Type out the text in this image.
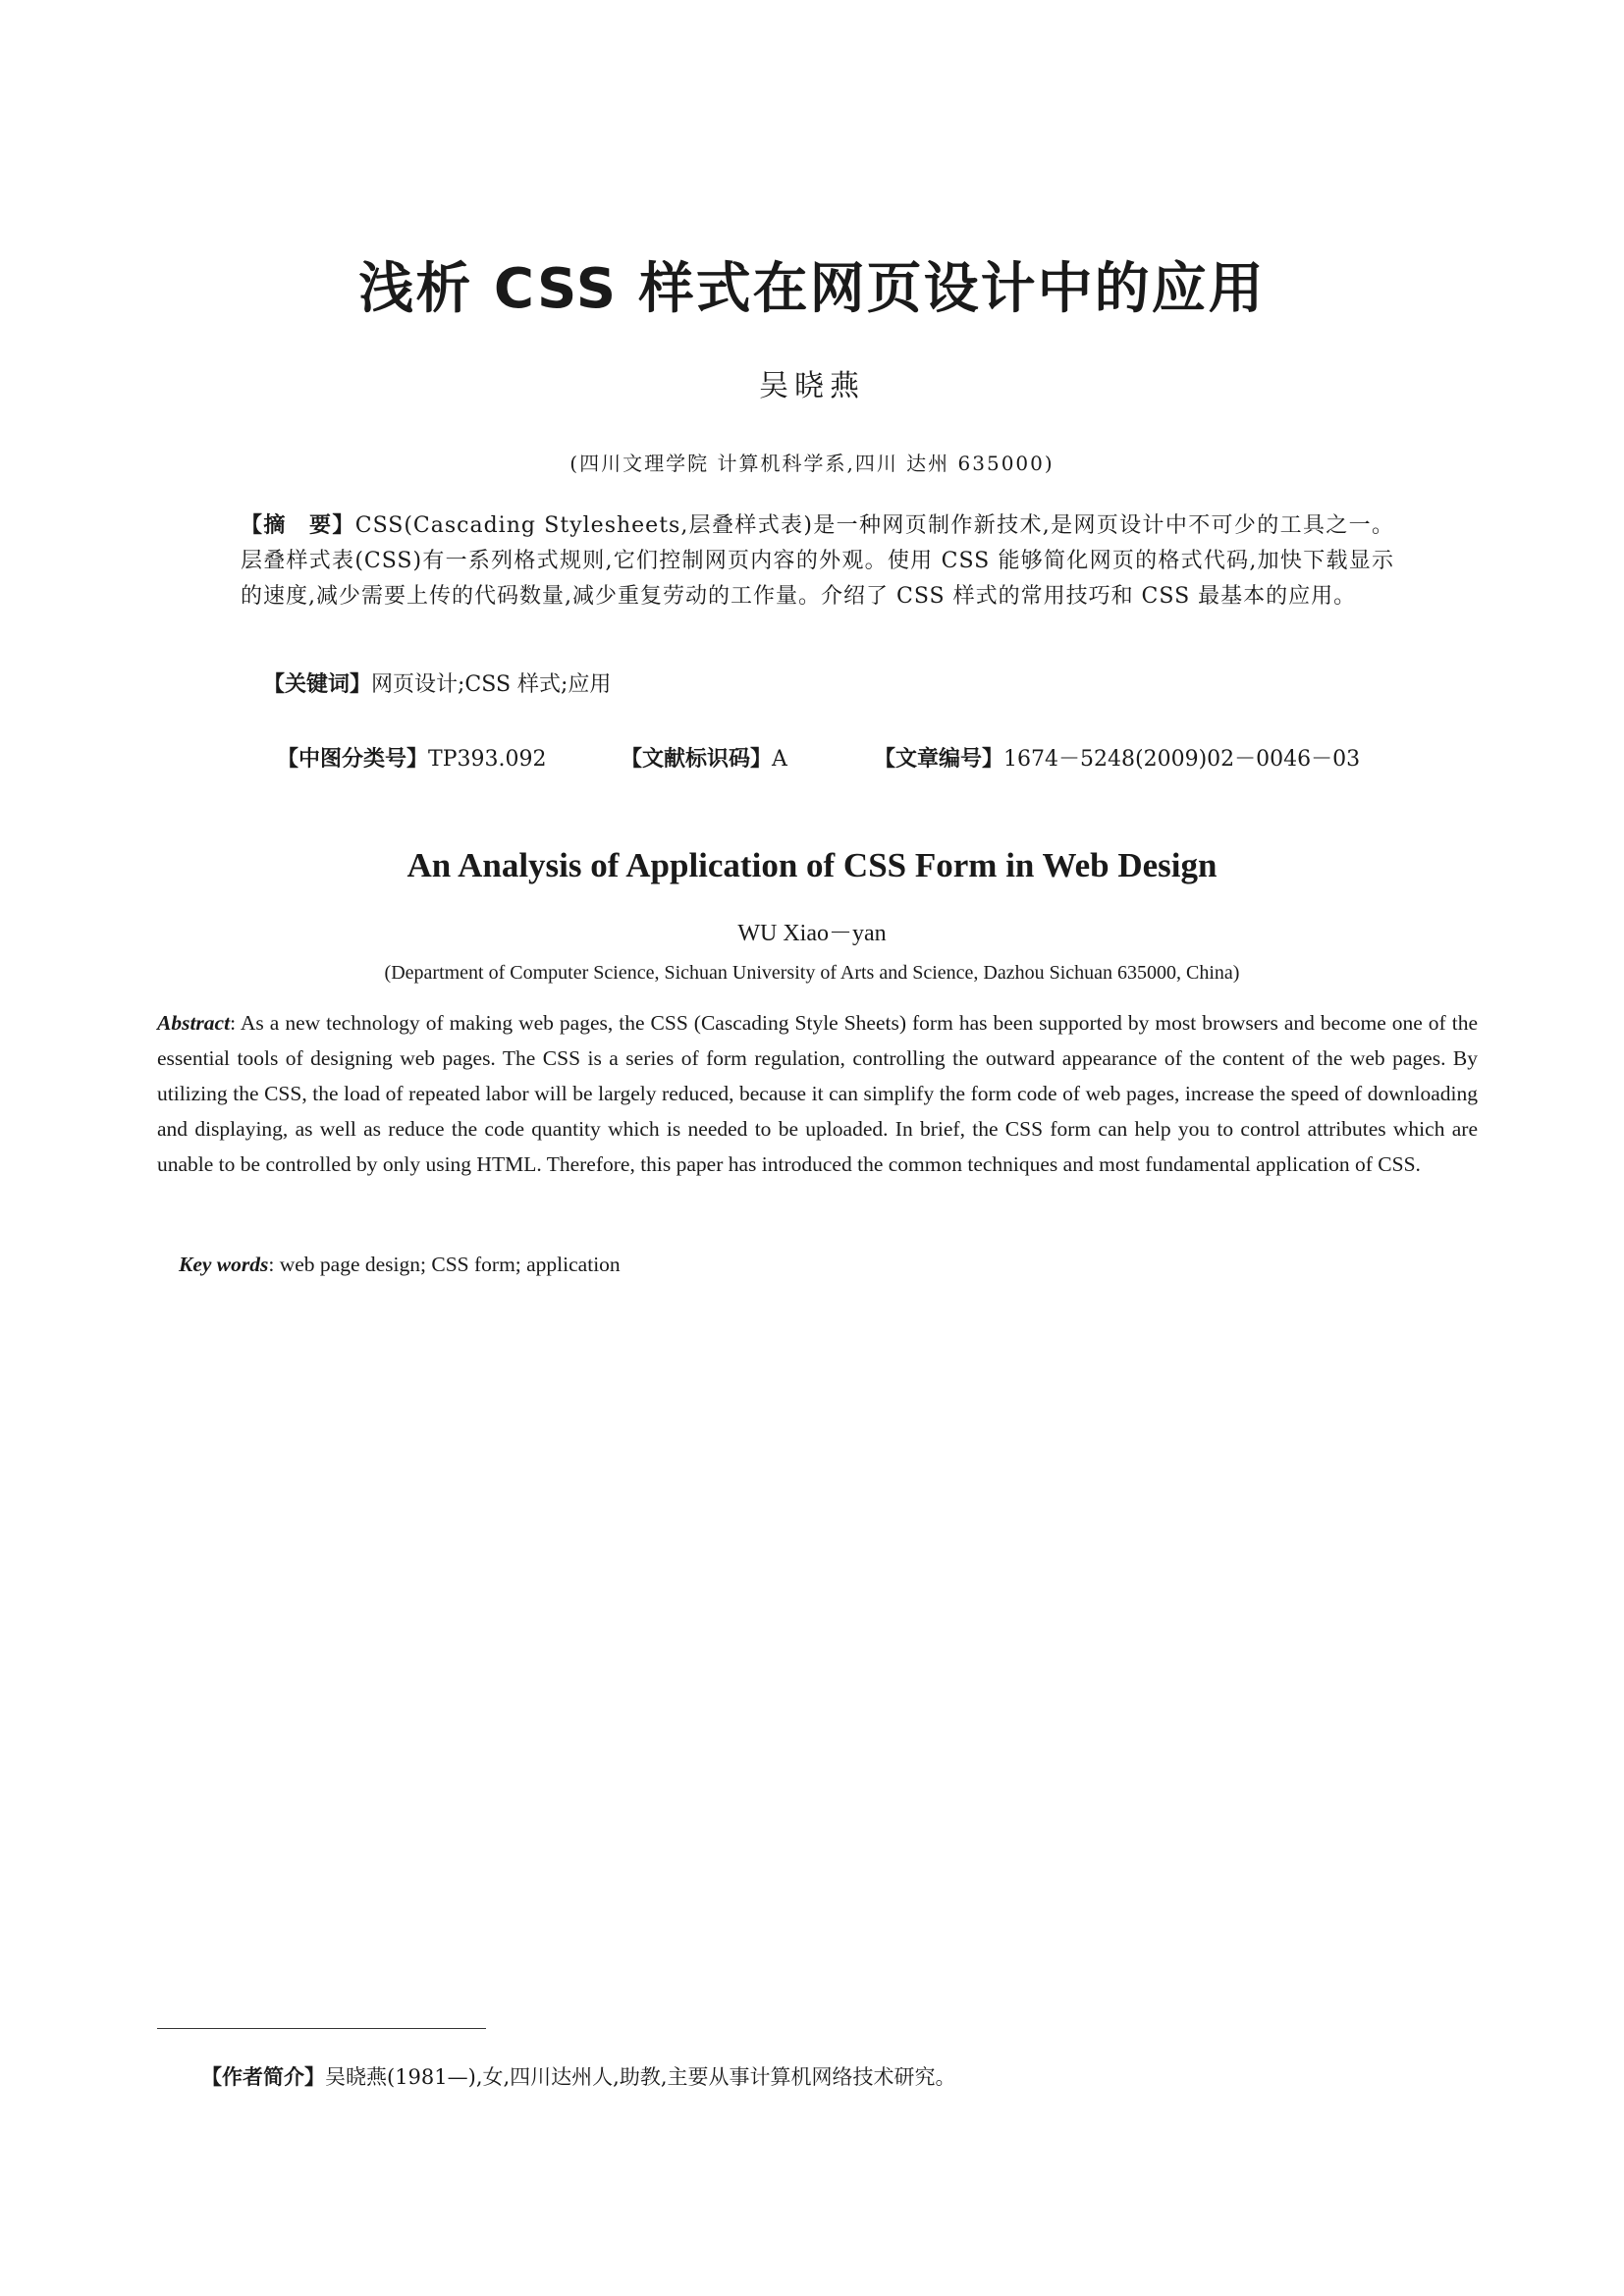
浅析 CSS 样式在网页设计中的应用
吴晓燕
(四川文理学院 计算机科学系,四川 达州 635000)
【摘　要】CSS(Cascading Stylesheets,层叠样式表)是一种网页制作新技术,是网页设计中不可少的工具之一。层叠样式表(CSS)有一系列格式规则,它们控制网页内容的外观。使用 CSS 能够简化网页的格式代码,加快下载显示的速度,减少需要上传的代码数量,减少重复劳动的工作量。介绍了 CSS 样式的常用技巧和 CSS 最基本的应用。
【关键词】网页设计;CSS 样式;应用
【中图分类号】TP393.092	【文献标识码】A	【文章编号】1674－5248(2009)02－0046－03
An Analysis of Application of CSS Form in Web Design
WU Xiao－yan
(Department of Computer Science, Sichuan University of Arts and Science, Dazhou Sichuan 635000, China)
Abstract: As a new technology of making web pages, the CSS (Cascading Style Sheets) form has been supported by most browsers and become one of the essential tools of designing web pages. The CSS is a series of form regulation, controlling the outward appearance of the content of the web pages. By utilizing the CSS, the load of repeated labor will be largely reduced, because it can simplify the form code of web pages, increase the speed of downloading and displaying, as well as reduce the code quantity which is needed to be uploaded. In brief, the CSS form can help you to control attributes which are unable to be controlled by only using HTML. Therefore, this paper has introduced the common techniques and most fundamental application of CSS.
Key words: web page design; CSS form; application
【作者简介】吴晓燕(1981—),女,四川达州人,助教,主要从事计算机网络技术研究。
